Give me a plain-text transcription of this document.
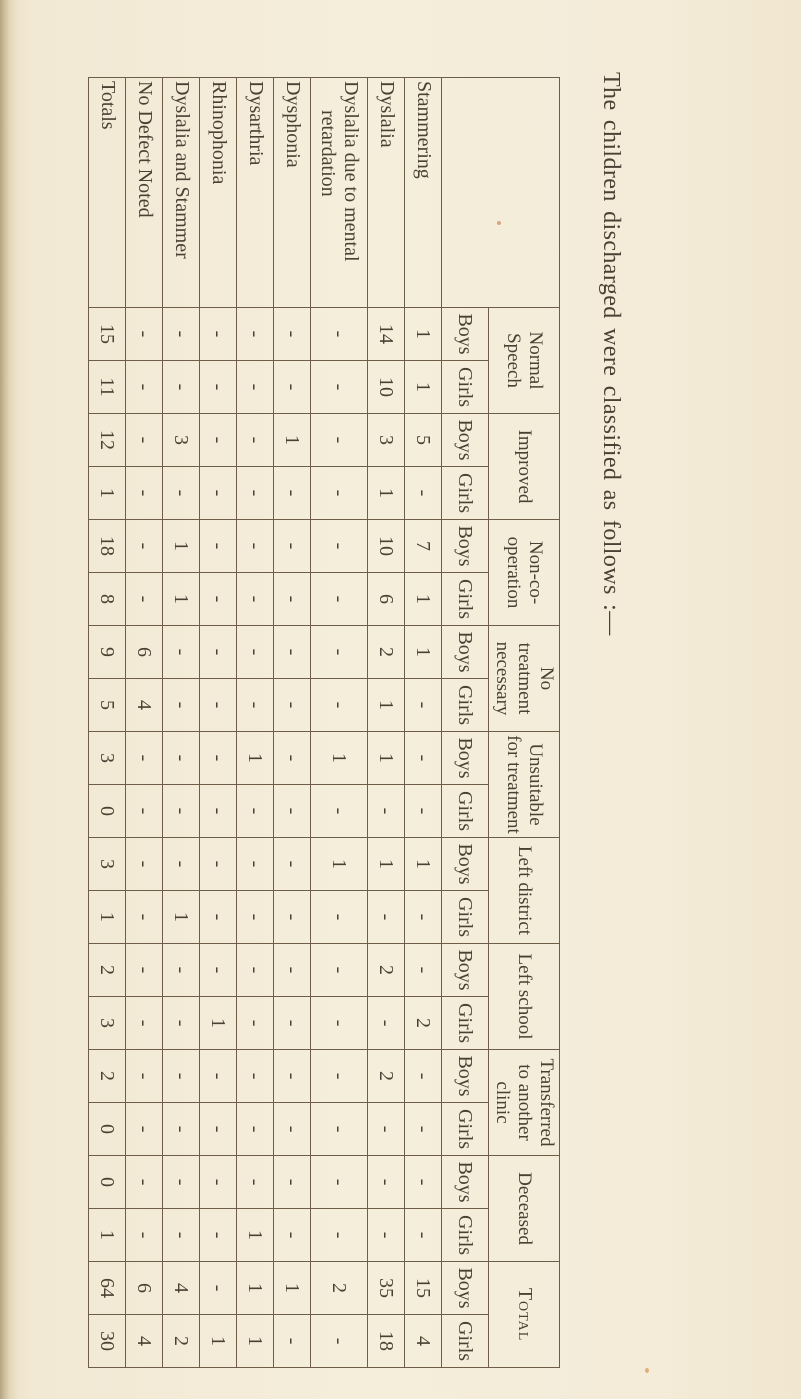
The children discharged were classified as follows :—
	Normal Speech		Improved		Non-co-operation		No treatment necessary		Unsuitable for treatment		Left district		Left school		Transferred to another clinic		Deceased		Total	
	Boys	Girls	Boys	Girls	Boys	Girls	Boys	Girls	Boys	Girls	Boys	Girls	Boys	Girls	Boys	Girls	Boys	Girls	Boys	Girls
Stammering	1	1	5	-	7	1	1	-	-	-	1	-	-	2	-	-	-	-	15	4
Dyslalia	14	10	3	1	10	6	2	1	1	-	1	-	2	-	2	-	-	-	35	18
Dyslalia due to mental retardation	-	-	-	-	-	-	-	-	1	-	1	-	-	-	-	-	-	-	2	-
Dysphonia	-	-	1	-	-	-	-	-	-	-	-	-	-	-	-	-	-	-	1	-
Dysarthria	-	-	-	-	-	-	-	-	1	-	-	-	-	-	-	-	-	1	1	1
Rhinophonia	-	-	-	-	-	-	-	-	-	-	-	-	-	1	-	-	-	-	-	1
Dyslalia and Stammer	-	-	3	-	1	1	-	-	-	-	-	1	-	-	-	-	-	-	4	2
No Defect Noted	-	-	-	-	-	-	6	4	-	-	-	-	-	-	-	-	-	-	6	4
Totals	15	11	12	1	18	8	9	5	3	0	3	1	2	3	2	0	0	1	64	30
